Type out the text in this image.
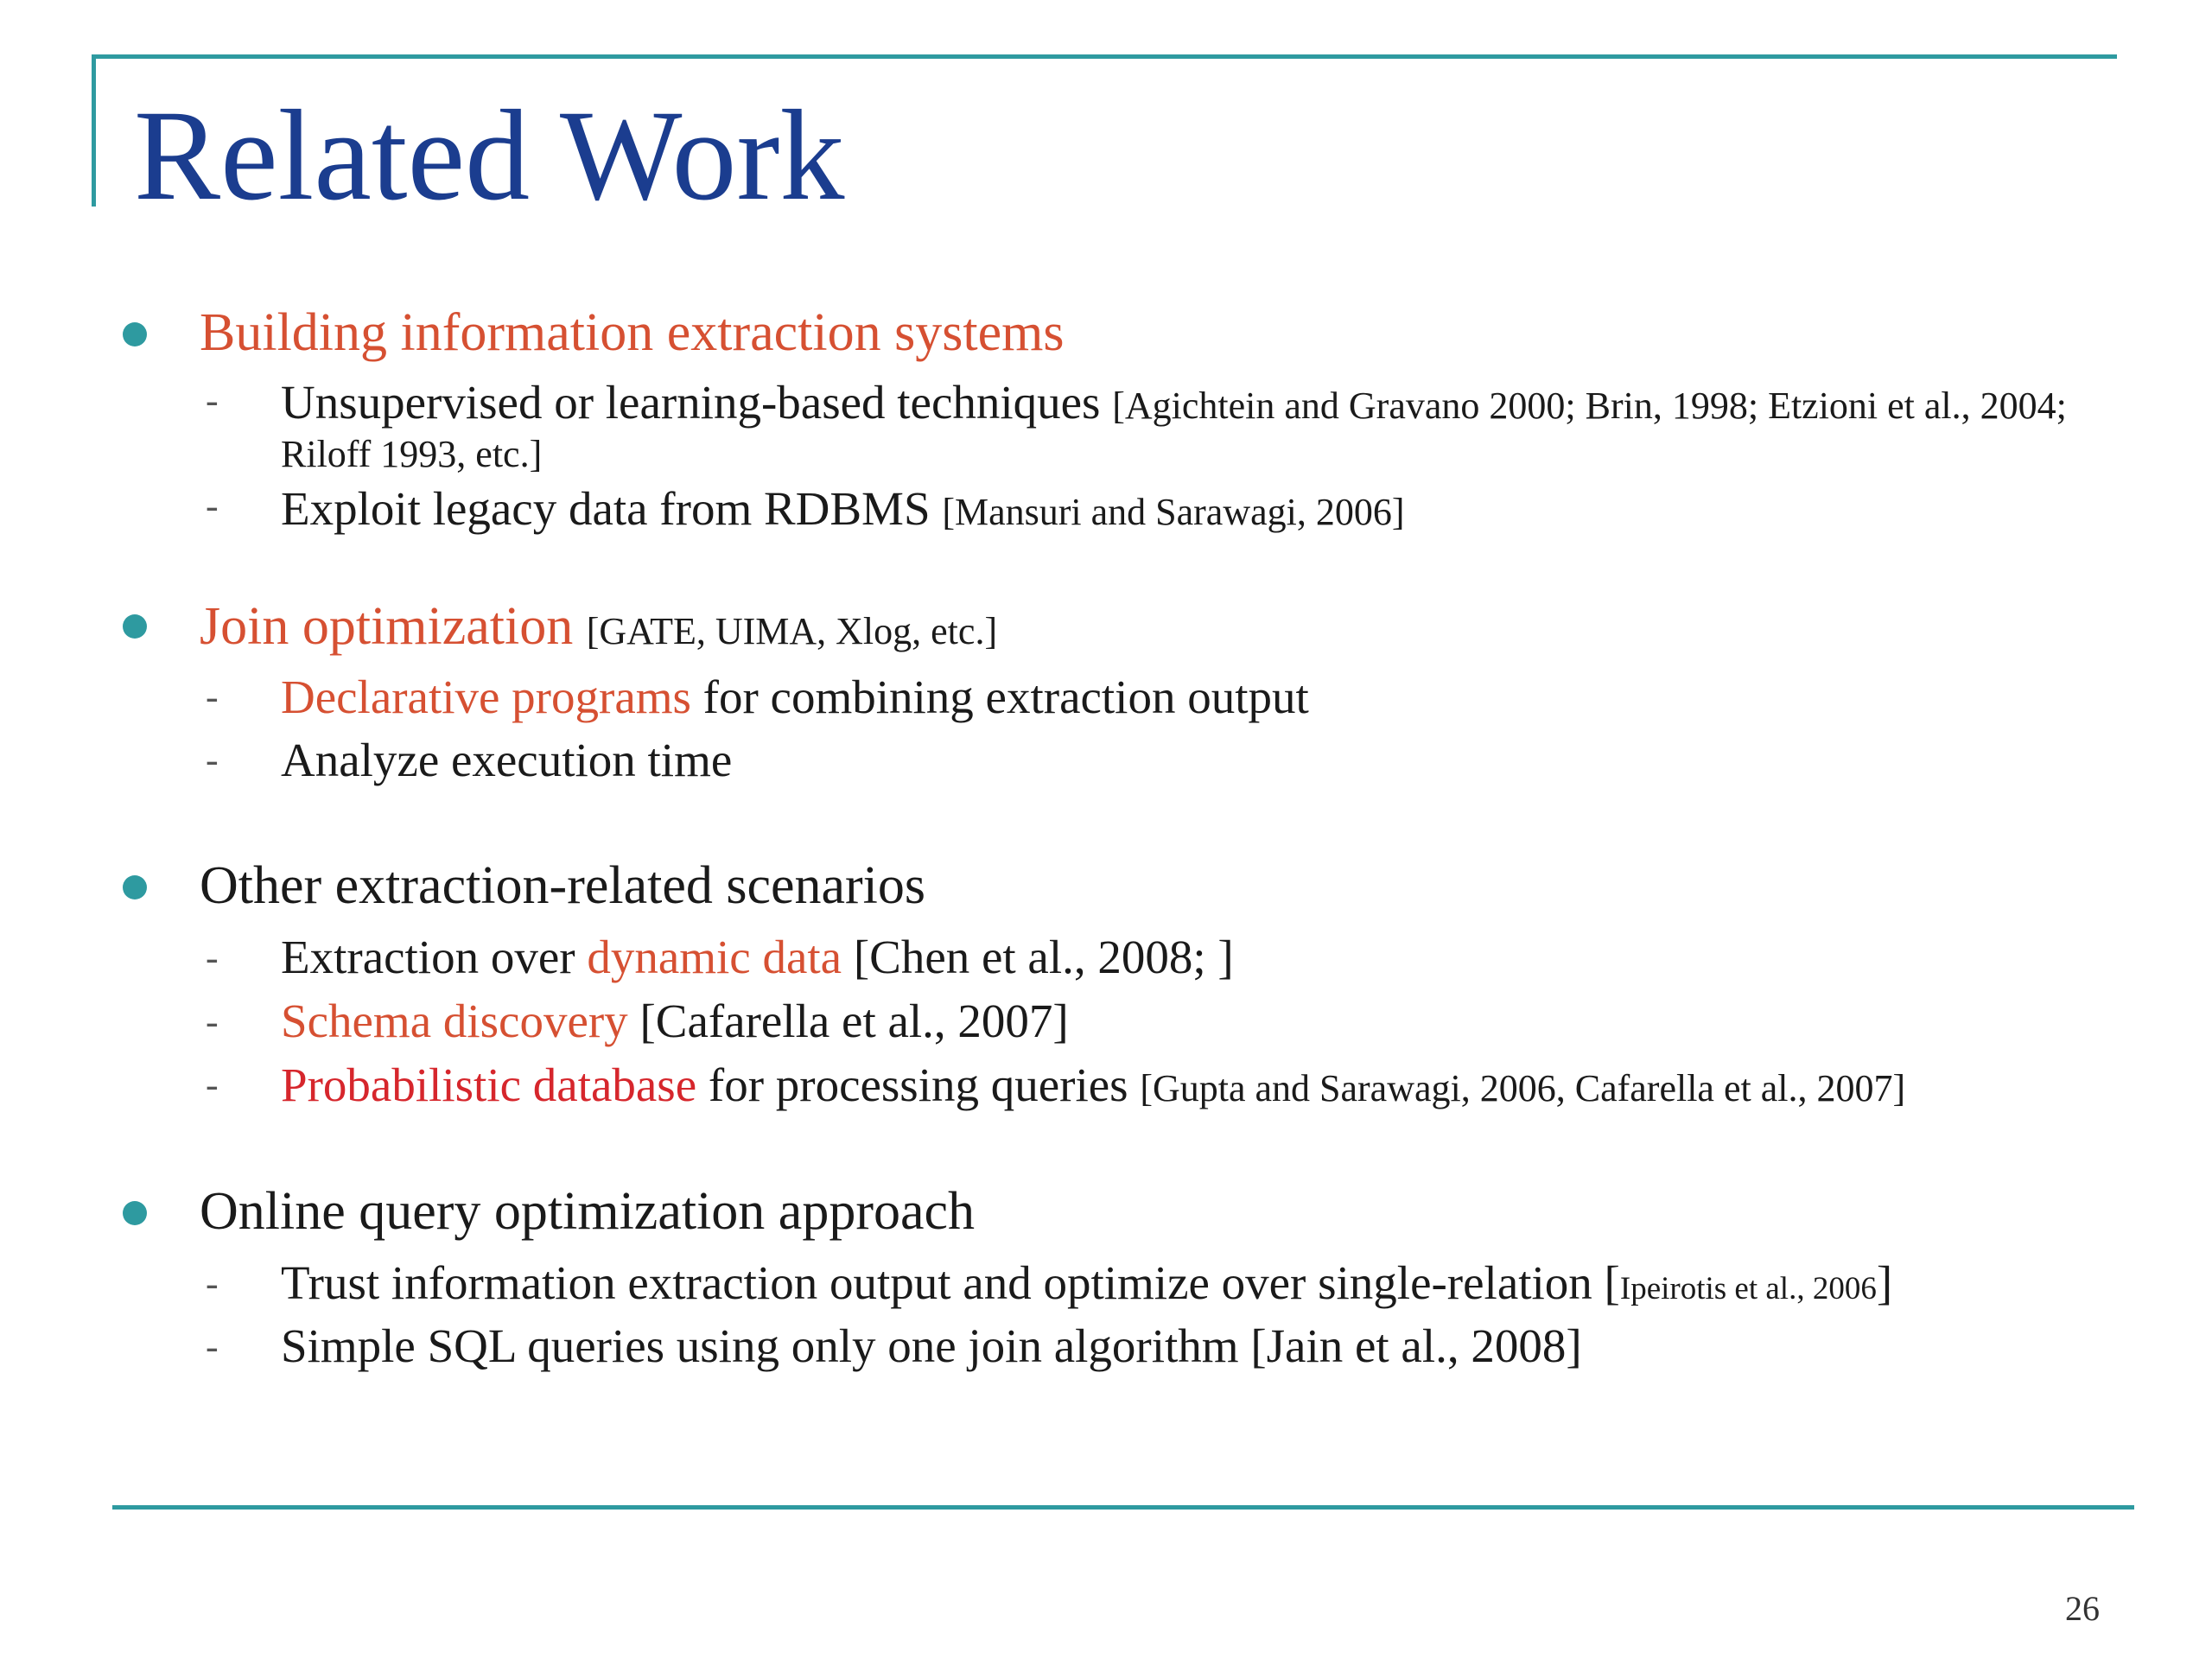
Related Work

Building information extraction systems

- Unsupervised or learning-based techniques [Agichtein and Gravano 2000; Brin, 1998; Etzioni et al., 2004; Riloff 1993, etc.]

- Exploit legacy data from RDBMS [Mansuri and Sarawagi, 2006]

Join optimization [GATE, UIMA, Xlog, etc.]

- Declarative programs for combining extraction output

- Analyze execution time

Other extraction-related scenarios

- Extraction over dynamic data [Chen et al., 2008; ]

- Schema discovery [Cafarella et al., 2007]

- Probabilistic database for processing queries [Gupta and Sarawagi, 2006, Cafarella et al., 2007]

Online query optimization approach

- Trust information extraction output and optimize over single-relation [Ipeirotis et al., 2006]

- Simple SQL queries using only one join algorithm [Jain et al., 2008]

26
